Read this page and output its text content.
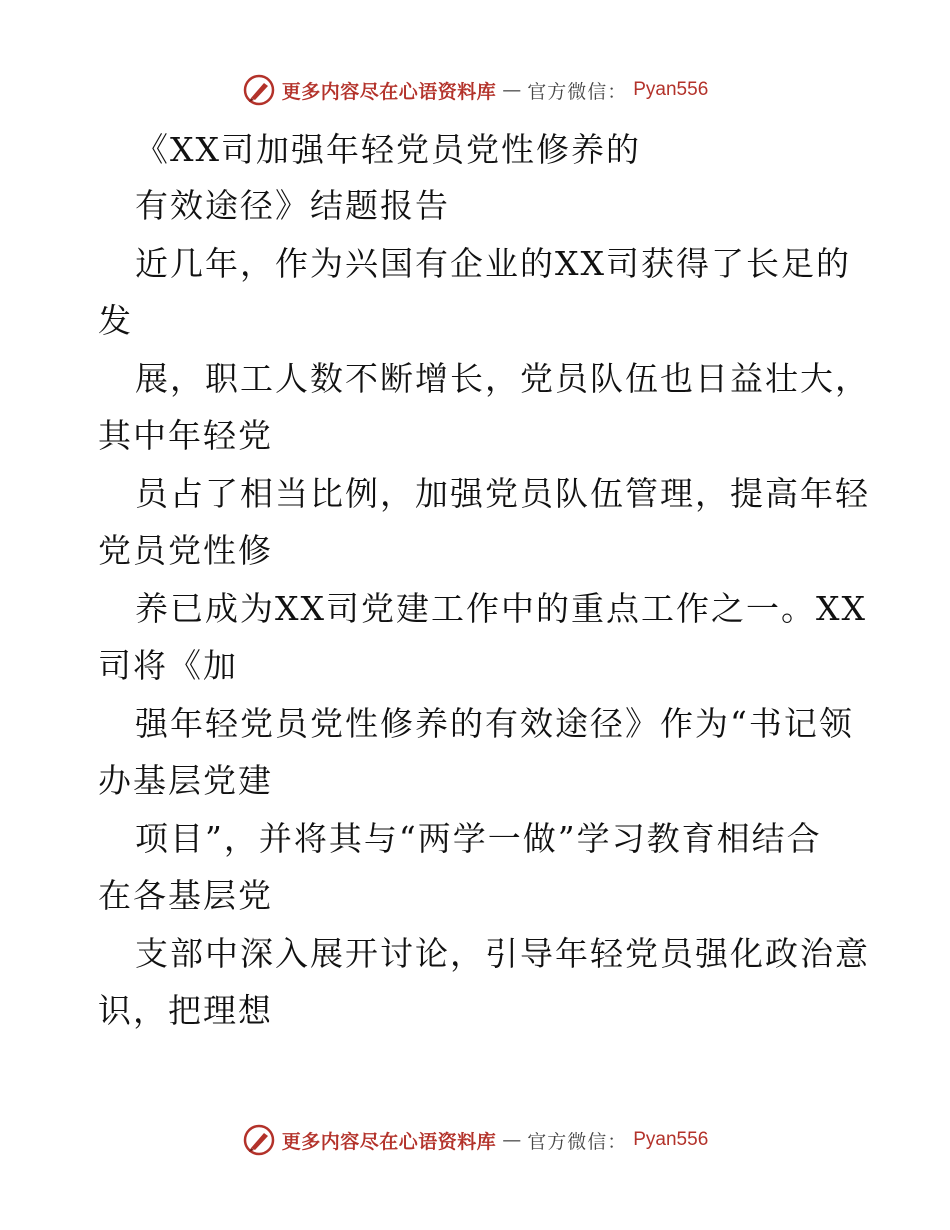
更多内容尽在心语资料库 — 官方微信： Pyan556
《XX司加强年轻党员党性修养的
有效途径》结题报告
近几年，作为兴国有企业的XX司获得了长足的
发
展，职工人数不断增长，党员队伍也日益壮大，
其中年轻党
员占了相当比例，加强党员队伍管理，提高年轻
党员党性修
养已成为XX司党建工作中的重点工作之一。XX
司将《加
强年轻党员党性修养的有效途径》作为“书记领
办基层党建
项目”，并将其与“两学一做”学习教育相结合
在各基层党
支部中深入展开讨论，引导年轻党员强化政治意
识，把理想
更多内容尽在心语资料库 — 官方微信： Pyan556
